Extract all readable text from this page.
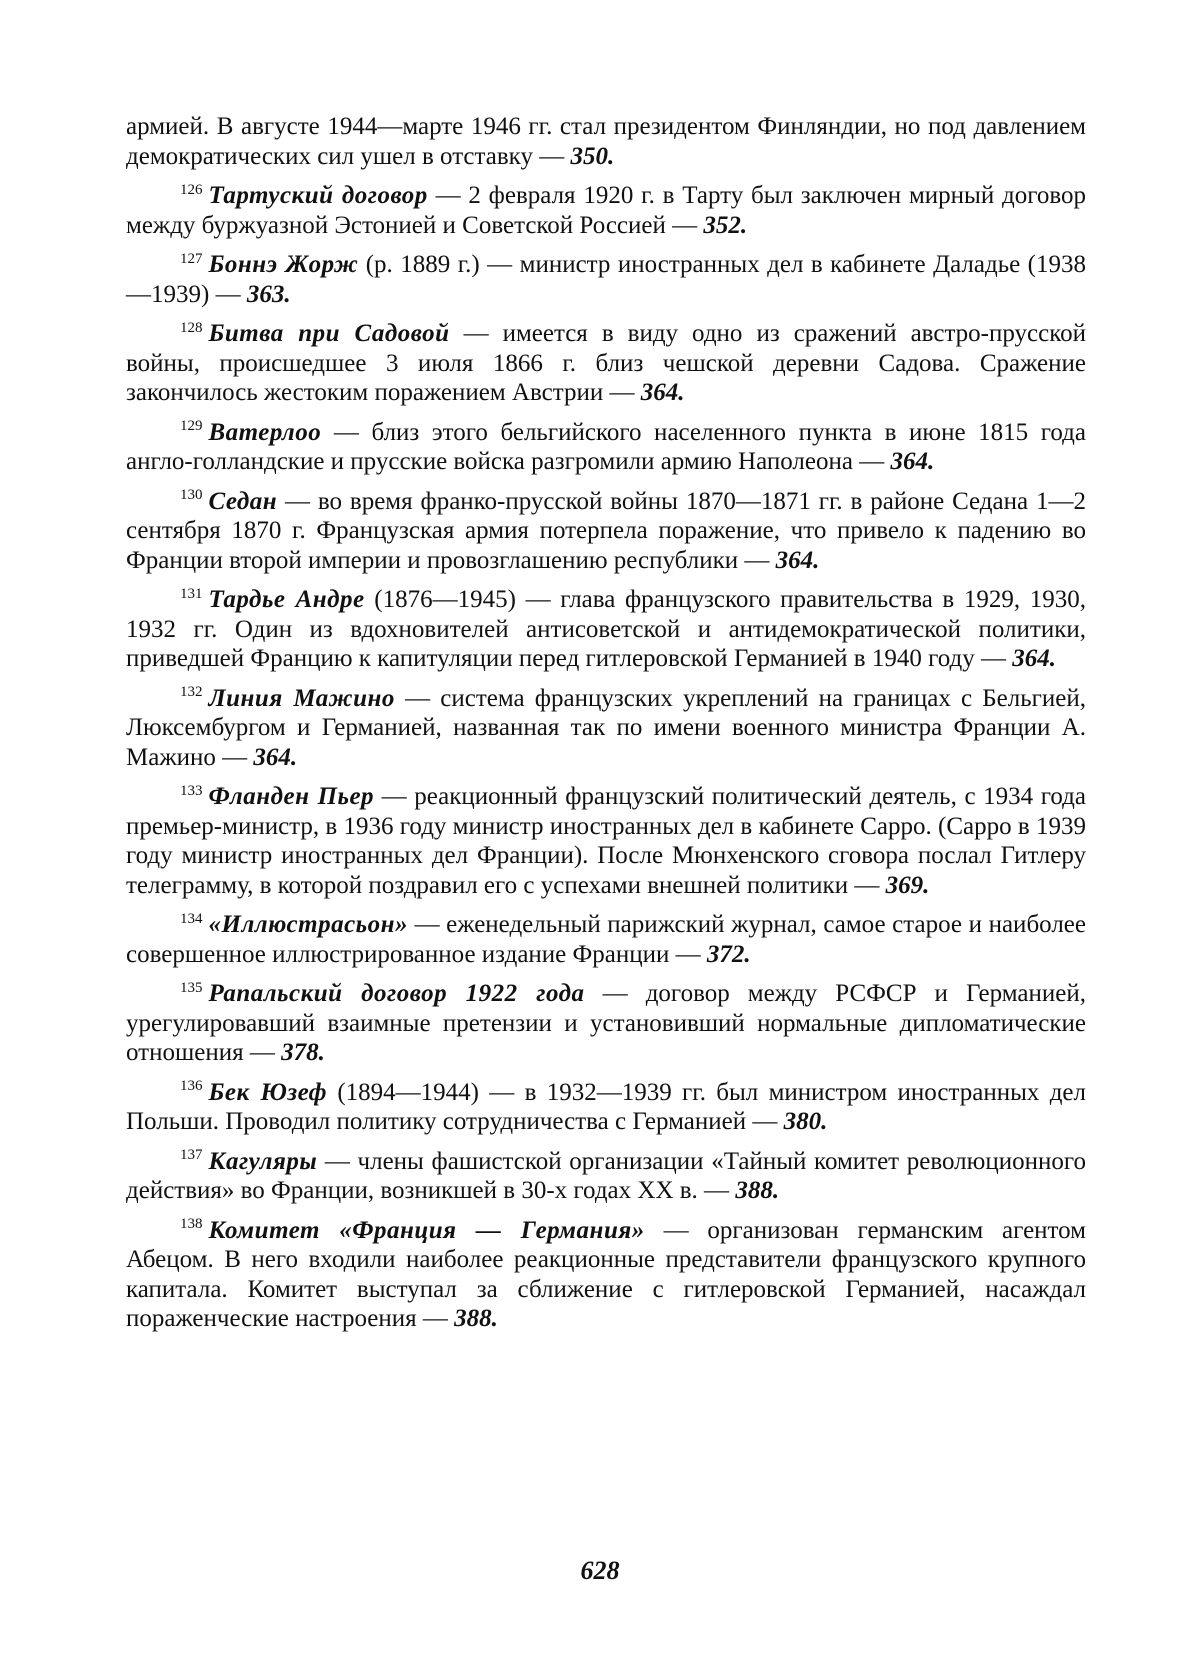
армией. В августе 1944—марте 1946 гг. стал президентом Финляндии, но под давлением демократических сил ушел в отставку — 350.

$^{126}$ Тартуский договор — 2 февраля 1920 г. в Тарту был заключен мирный договор между буржуазной Эстонией и Советской Россией — 352.

$^{127}$ Боннэ Жорж (р. 1889 г.) — министр иностранных дел в кабинете Даладье (1938—1939) — 363.

$^{128}$ Битва при Садовой — имеется в виду одно из сражений австро-прусской войны, происшедшее 3 июля 1866 г. близ чешской деревни Садова. Сражение закончилось жестоким поражением Австрии — 364.

$^{129}$ Ватерлоо — близ этого бельгийского населенного пункта в июне 1815 года англо-голландские и прусские войска разгромили армию Наполеона — 364.

$^{130}$ Седан — во время франко-прусской войны 1870—1871 гг. в районе Седана 1—2 сентября 1870 г. Французская армия потерпела поражение, что привело к падению во Франции второй империи и провозглашению республики — 364.

$^{131}$ Тардье Андре (1876—1945) — глава французского правительства в 1929, 1930, 1932 гг. Один из вдохновителей антисоветской и антидемократической политики, приведшей Францию к капитуляции перед гитлеровской Германией в 1940 году — 364.

$^{132}$ Линия Мажино — система французских укреплений на границах с Бельгией, Люксембургом и Германией, названная так по имени военного министра Франции А. Мажино — 364.

$^{133}$ Фланден Пьер — реакционный французский политический деятель, с 1934 года премьер-министр, в 1936 году министр иностранных дел в кабинете Сарро. (Сарро в 1939 году министр иностранных дел Франции). После Мюнхенского сговора послал Гитлеру телеграмму, в которой поздравил его с успехами внешней политики — 369.

$^{134}$ «Иллюстрасьон» — еженедельный парижский журнал, самое старое и наиболее совершенное иллюстрированное издание Франции — 372.

$^{135}$ Рапальский договор 1922 года — договор между РСФСР и Германией, урегулировавший взаимные претензии и установивший нормальные дипломатические отношения — 378.

$^{136}$ Бек Юзеф (1894—1944) — в 1932—1939 гг. был министром иностранных дел Польши. Проводил политику сотрудничества с Германией — 380.

$^{137}$ Кагуляры — члены фашистской организации «Тайный комитет революционного действия» во Франции, возникшей в 30-х годах XX в. — 388.

$^{138}$ Комитет «Франция — Германия» — организован германским агентом Абецом. В него входили наиболее реакционные представители французского крупного капитала. Комитет выступал за сближение с гитлеровской Германией, насаждал пораженческие настроения — 388.

628
